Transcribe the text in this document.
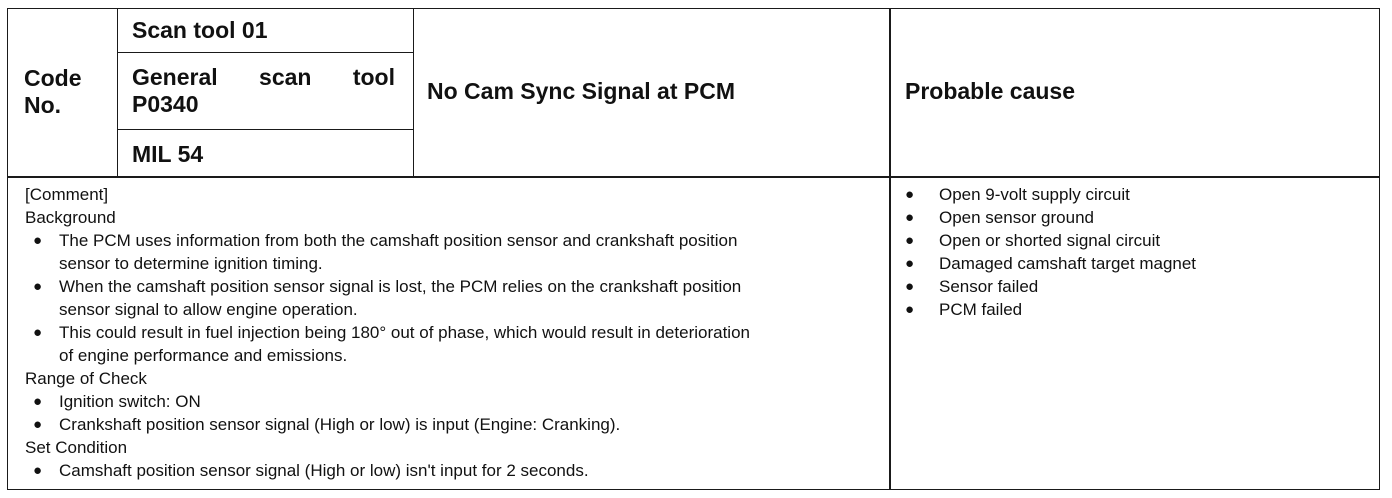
Code
No.
Scan tool 01
General scan tool
P0340
MIL 54
No Cam Sync Signal at PCM	Probable cause
[Comment]
Background
● The PCM uses information from both the camshaft position sensor and crankshaft position
sensor to determine ignition timing.
● When the camshaft position sensor signal is lost, the PCM relies on the crankshaft position
sensor signal to allow engine operation.
● This could result in fuel injection being 180° out of phase, which would result in deterioration
of engine performance and emissions.
Range of Check
● Ignition switch: ON
● Crankshaft position sensor signal (High or low) is input (Engine: Cranking).
Set Condition
● Camshaft position sensor signal (High or low) isn't input for 2 seconds.
● Open 9-volt supply circuit
● Open sensor ground
● Open or shorted signal circuit
● Damaged camshaft target magnet
● Sensor failed
● PCM failed
